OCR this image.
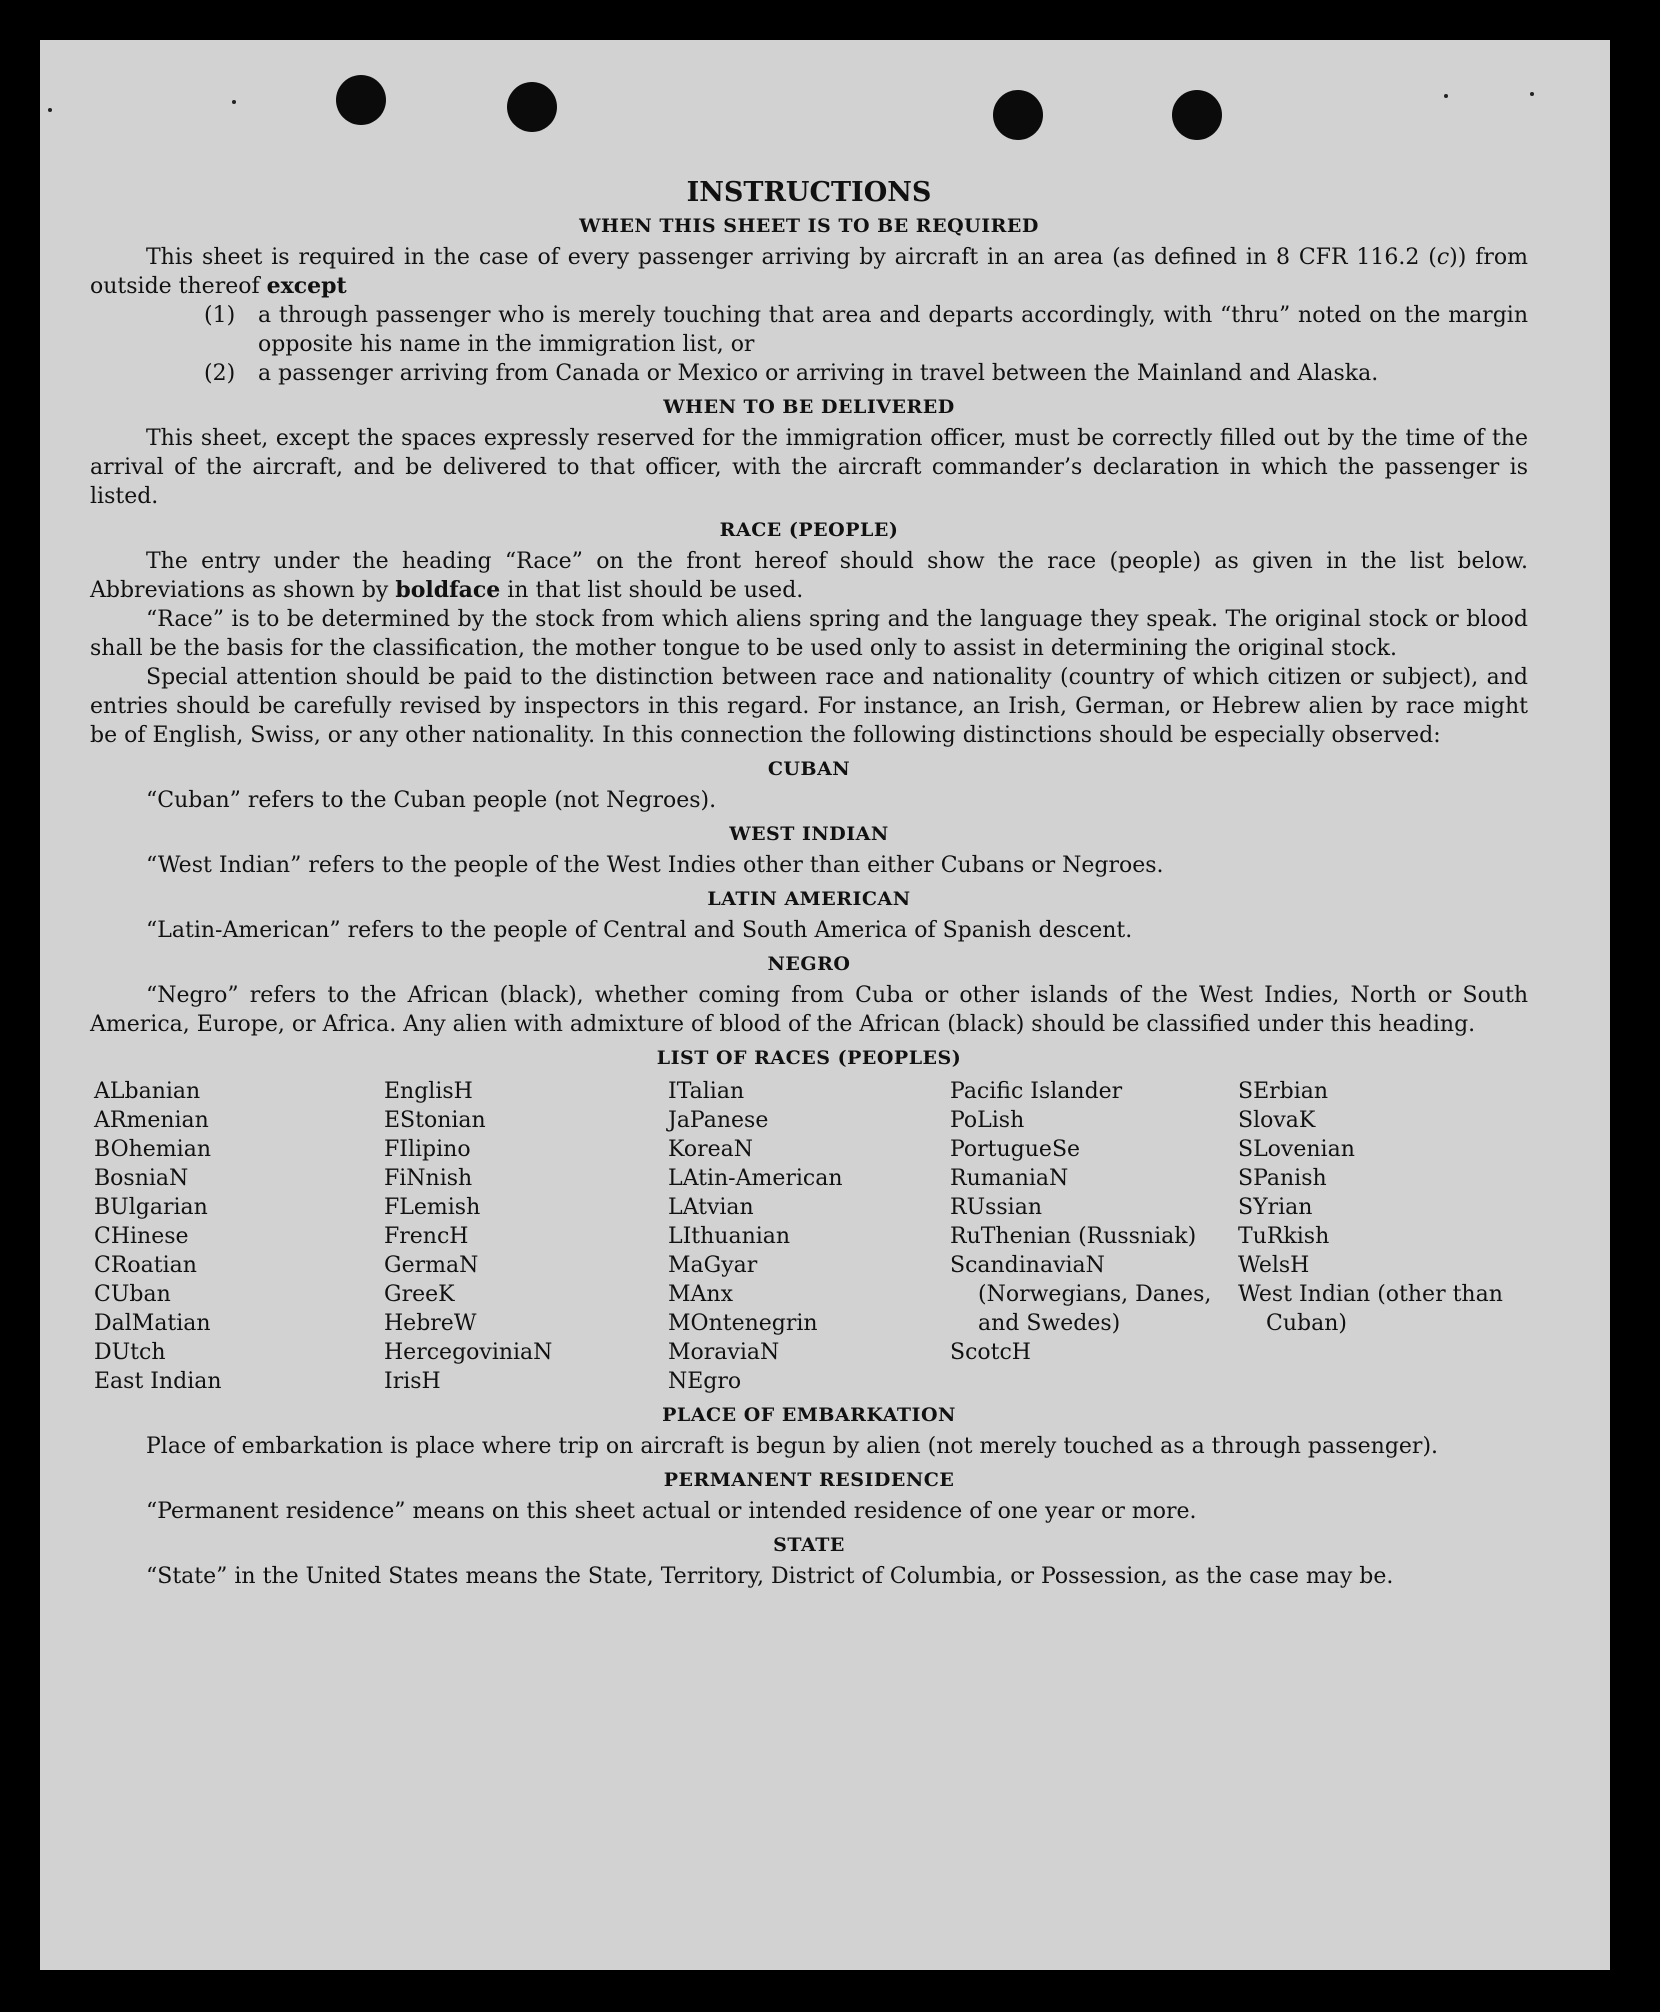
INSTRUCTIONS
WHEN THIS SHEET IS TO BE REQUIRED

This sheet is required in the case of every passenger arriving by aircraft in an area (as defined in 8 CFR 116.2 (c)) from outside thereof except

(1) a through passenger who is merely touching that area and departs accordingly, with “thru” noted on the margin opposite his name in the immigration list, or
(2) a passenger arriving from Canada or Mexico or arriving in travel between the Mainland and Alaska.
WHEN TO BE DELIVERED

This sheet, except the spaces expressly reserved for the immigration officer, must be correctly filled out by the time of the arrival of the aircraft, and be delivered to that officer, with the aircraft commander’s declaration in which the passenger is listed.

RACE (PEOPLE)

The entry under the heading “Race” on the front hereof should show the race (people) as given in the list below. Abbreviations as shown by boldface in that list should be used.

“Race” is to be determined by the stock from which aliens spring and the language they speak. The original stock or blood shall be the basis for the classification, the mother tongue to be used only to assist in determining the original stock.

Special attention should be paid to the distinction between race and nationality (country of which citizen or subject), and entries should be carefully revised by inspectors in this regard. For instance, an Irish, German, or Hebrew alien by race might be of English, Swiss, or any other nationality. In this connection the following distinctions should be especially observed:

CUBAN

“Cuban” refers to the Cuban people (not Negroes).

WEST INDIAN

“West Indian” refers to the people of the West Indies other than either Cubans or Negroes.

LATIN AMERICAN

“Latin-American” refers to the people of Central and South America of Spanish descent.

NEGRO

“Negro” refers to the African (black), whether coming from Cuba or other islands of the West Indies, North or South America, Europe, or Africa. Any alien with admixture of blood of the African (black) should be classified under this heading.

LIST OF RACES (PEOPLES)
ALbanian
ARmenian
BOhemian
BosniaN
BUlgarian
CHinese
CRoatian
CUban
DalMatian
DUtch
East Indian
EnglisH
EStonian
FIlipino
FiNnish
FLemish
FrencH
GermaN
GreeK
HebreW
HercegoviniaN
IrisH
ITalian
JaPanese
KoreaN
LAtin-American
LAtvian
LIthuanian
MaGyar
MAnx
MOntenegrin
MoraviaN
NEgro
Pacific Islander
PoLish
PortugueSe
RumaniaN
RUssian
RuThenian (Russniak)
ScandinaviaN (Norwegians, Danes, and Swedes)
ScotcH
SErbian
SlovaK
SLovenian
SPanish
SYrian
TuRkish
WelsH
West Indian (other than Cuban)
PLACE OF EMBARKATION

Place of embarkation is place where trip on aircraft is begun by alien (not merely touched as a through passenger).

PERMANENT RESIDENCE

“Permanent residence” means on this sheet actual or intended residence of one year or more.

STATE

“State” in the United States means the State, Territory, District of Columbia, or Possession, as the case may be.
